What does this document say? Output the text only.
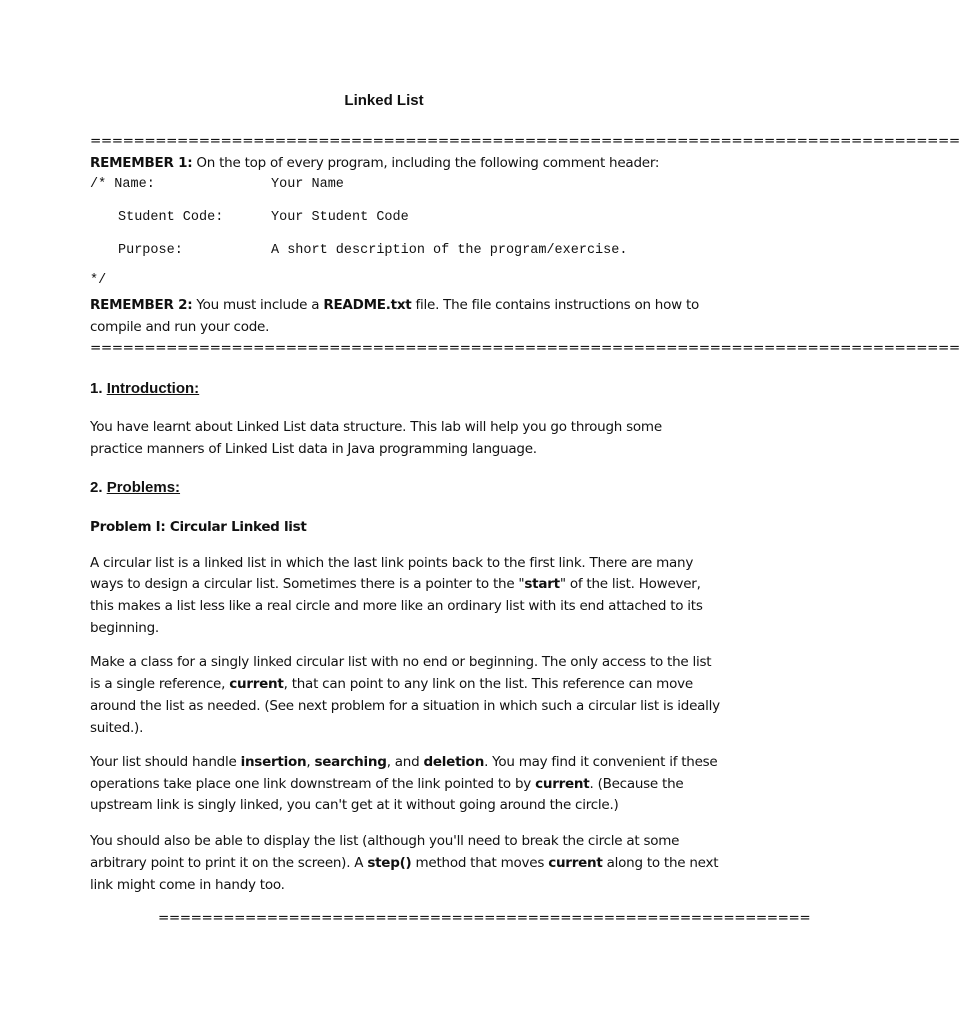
Linked List
================================================================================
REMEMBER 1: On the top of every program, including the following comment header:
/* Name:	Your Name
Student Code:	Your Student Code
Purpose:	A short description of the program/exercise.
*/
REMEMBER 2: You must include a README.txt file. The file contains instructions on how to
compile and run your code.
================================================================================
1. Introduction:
You have learnt about Linked List data structure. This lab will help you go through some
practice manners of Linked List data in Java programming language.
2. Problems:
Problem I: Circular Linked list
A circular list is a linked list in which the last link points back to the first link. There are many
ways to design a circular list. Sometimes there is a pointer to the "start" of the list. However,
this makes a list less like a real circle and more like an ordinary list with its end attached to its
beginning.
Make a class for a singly linked circular list with no end or beginning. The only access to the list
is a single reference, current, that can point to any link on the list. This reference can move
around the list as needed. (See next problem for a situation in which such a circular list is ideally
suited.).
Your list should handle insertion, searching, and deletion. You may find it convenient if these
operations take place one link downstream of the link pointed to by current. (Because the
upstream link is singly linked, you can't get at it without going around the circle.)
You should also be able to display the list (although you'll need to break the circle at some
arbitrary point to print it on the screen). A step() method that moves current along to the next
link might come in handy too.
============================================================
